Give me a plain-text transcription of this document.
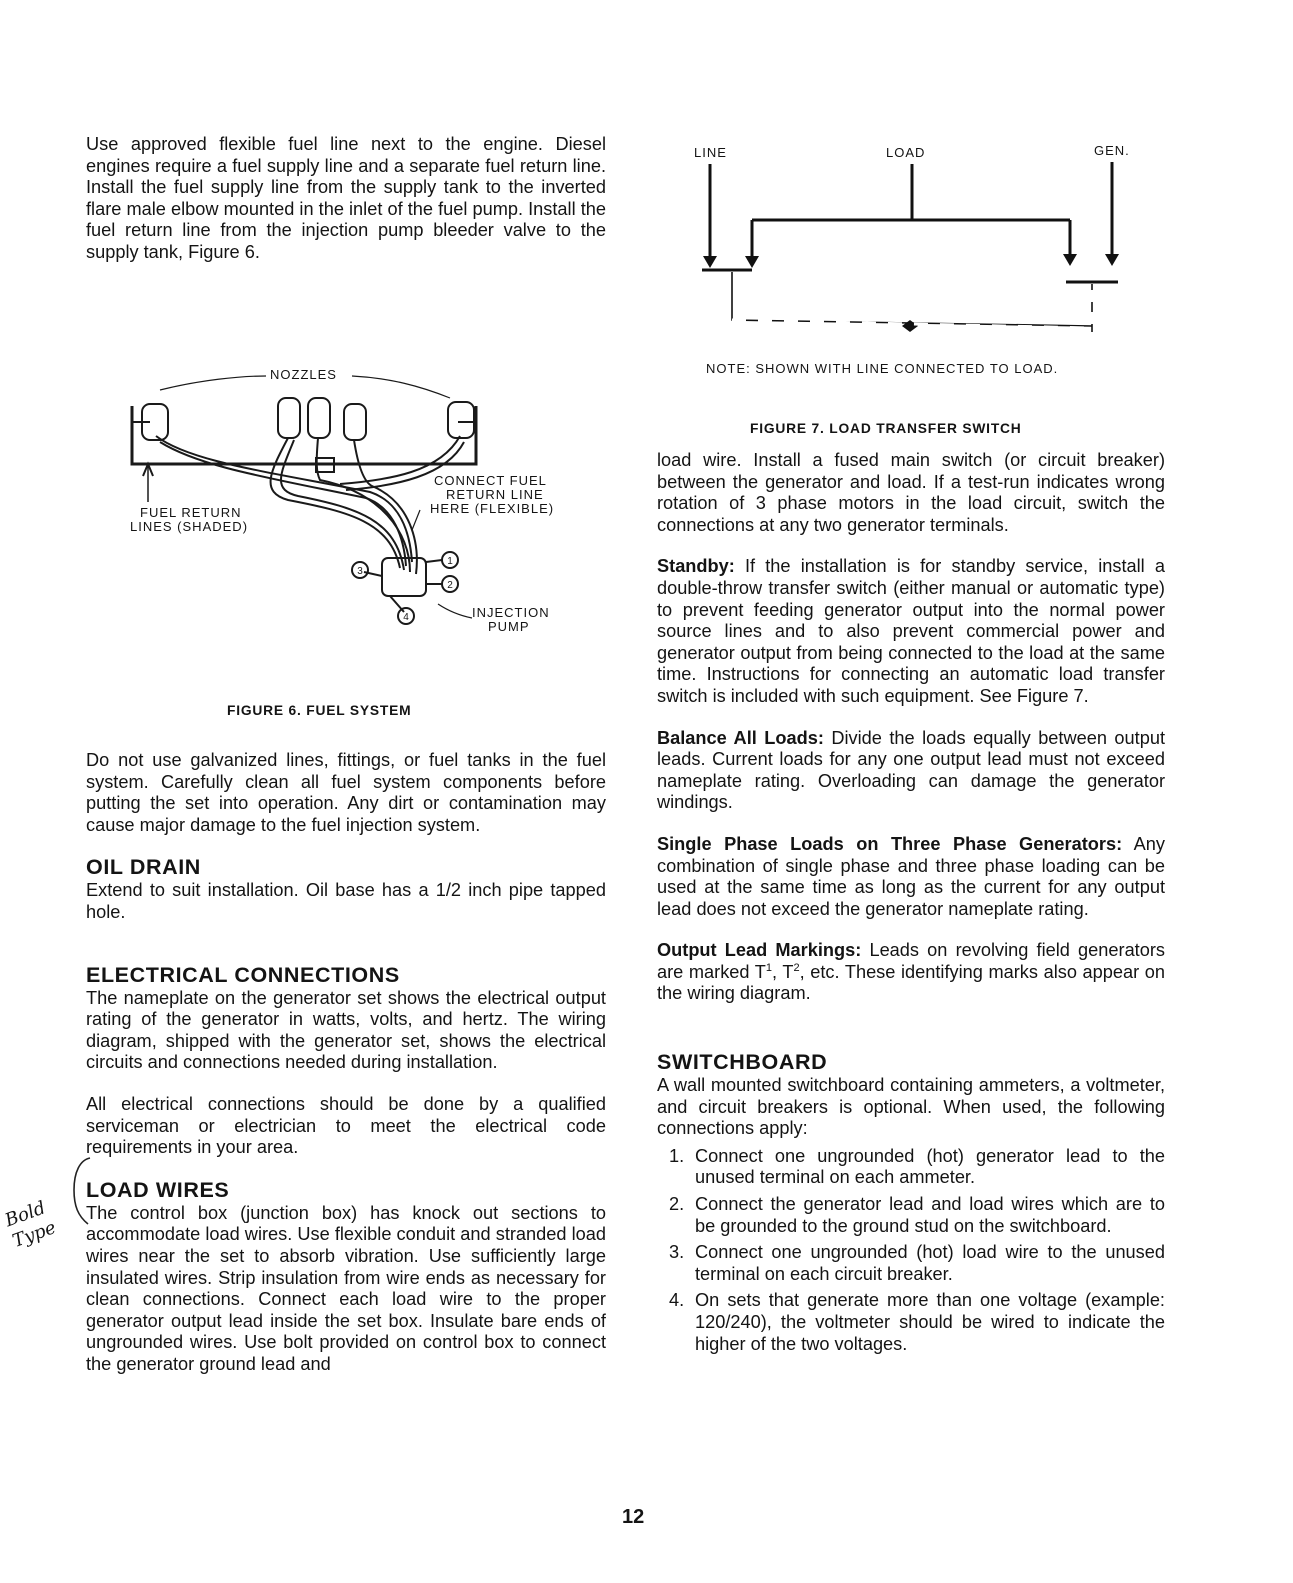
Use approved flexible fuel line next to the engine. Diesel engines require a fuel supply line and a separate fuel return line. Install the fuel supply line from the supply tank to the inverted flare male elbow mounted in the inlet of the fuel pump. Install the fuel return line from the injection pump bleeder valve to the supply tank, Figure 6.

1
2
3
4
NOZZLES
FUEL RETURN
LINES (SHADED)
CONNECT FUEL
RETURN LINE
HERE (FLEXIBLE)
INJECTION
PUMP
FIGURE 6. FUEL SYSTEM

Do not use galvanized lines, fittings, or fuel tanks in the fuel system. Carefully clean all fuel system components before putting the set into operation. Any dirt or contamination may cause major damage to the fuel injection system.

OIL DRAIN

Extend to suit installation. Oil base has a 1/2 inch pipe tapped hole.

ELECTRICAL CONNECTIONS

The nameplate on the generator set shows the electrical output rating of the generator in watts, volts, and hertz. The wiring diagram, shipped with the generator set, shows the electrical circuits and connections needed during installation.

All electrical connections should be done by a qualified serviceman or electrician to meet the electrical code requirements in your area.

LOAD WIRES

The control box (junction box) has knock out sections to accommodate load wires. Use flexible conduit and stranded load wires near the set to absorb vibration. Use sufficiently large insulated wires. Strip insulation from wire ends as necessary for clean connections. Connect each load wire to the proper generator output lead inside the set box. Insulate bare ends of ungrounded wires. Use bolt provided on control box to connect the generator ground lead and

Bold Type
LINE	LOAD	GEN.
NOTE: SHOWN WITH LINE CONNECTED TO LOAD.
FIGURE 7. LOAD TRANSFER SWITCH

load wire. Install a fused main switch (or circuit breaker) between the generator and load. If a test-run indicates wrong rotation of 3 phase motors in the load circuit, switch the connections at any two generator terminals.

Standby: If the installation is for standby service, install a double-throw transfer switch (either manual or automatic type) to prevent feeding generator output into the normal power source lines and to also prevent commercial power and generator output from being connected to the load at the same time. Instructions for connecting an automatic load transfer switch is included with such equipment. See Figure 7.

Balance All Loads: Divide the loads equally between output leads. Current loads for any one output lead must not exceed nameplate rating. Overloading can damage the generator windings.

Single Phase Loads on Three Phase Generators: Any combination of single phase and three phase loading can be used at the same time as long as the current for any output lead does not exceed the generator nameplate rating.

Output Lead Markings: Leads on revolving field generators are marked $T^1$, $T^2$, etc. These identifying marks also appear on the wiring diagram.

SWITCHBOARD

A wall mounted switchboard containing ammeters, a voltmeter, and circuit breakers is optional. When used, the following connections apply:

1. Connect one ungrounded (hot) generator lead to the unused terminal on each ammeter.
2. Connect the generator lead and load wires which are to be grounded to the ground stud on the switchboard.
3. Connect one ungrounded (hot) load wire to the unused terminal on each circuit breaker.
4. On sets that generate more than one voltage (example: 120/240), the voltmeter should be wired to indicate the higher of the two voltages.
12
